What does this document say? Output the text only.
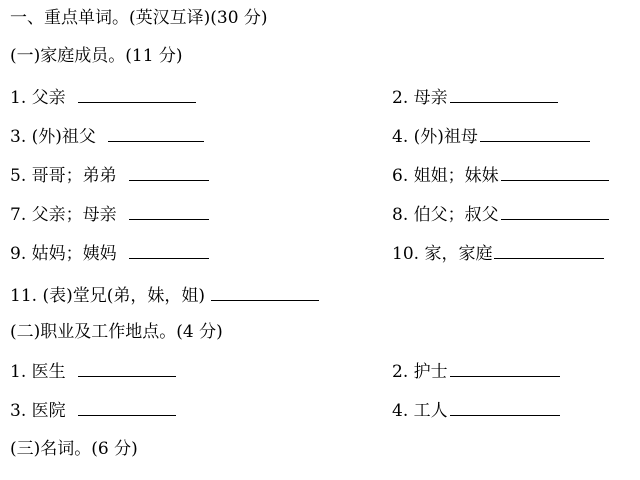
一、重点单词。(英汉互译)(30 分)
(一)家庭成员。(11 分)
1. 父亲	2. 母亲
3. (外)祖父	4. (外)祖母
5. 哥哥；弟弟	6. 姐姐；妹妹
7. 父亲；母亲	8. 伯父；叔父
9. 姑妈；姨妈	10. 家，家庭
11. (表)堂兄(弟，妹，姐)
(二)职业及工作地点。(4 分)
1. 医生	2. 护士
3. 医院	4. 工人
(三)名词。(6 分)
